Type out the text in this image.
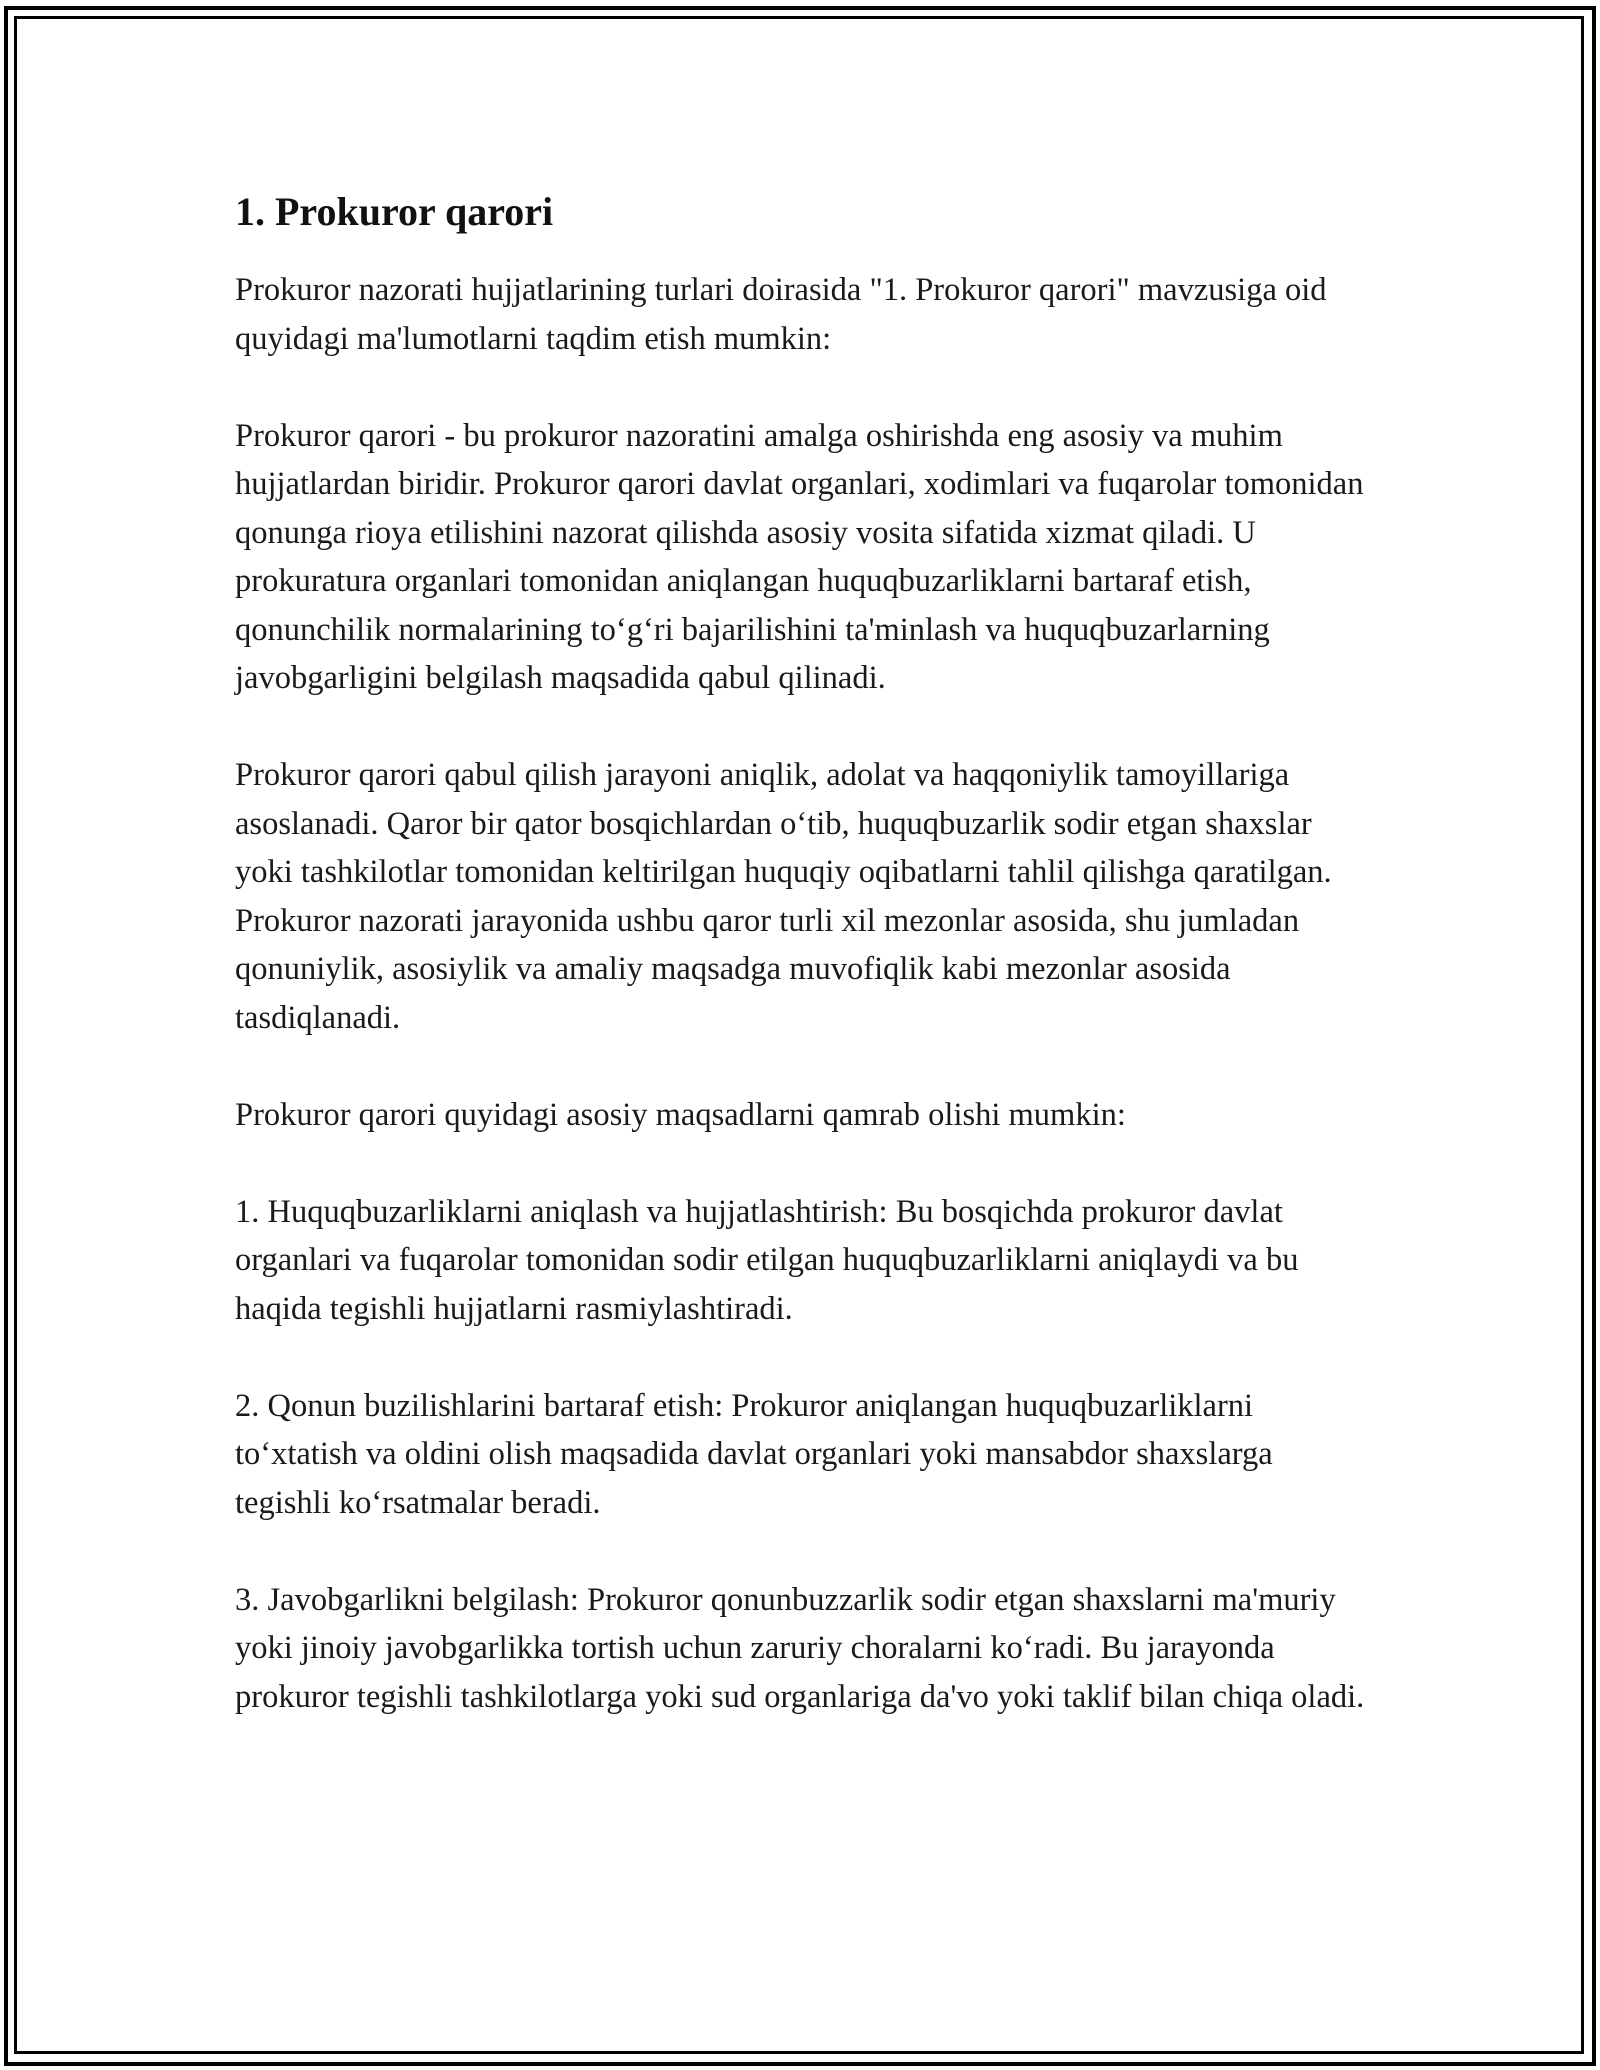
1. Prokuror qarori

Prokuror nazorati hujjatlarining turlari doirasida "1. Prokuror qarori" mavzusiga oid quyidagi ma'lumotlarni taqdim etish mumkin:

Prokuror qarori - bu prokuror nazoratini amalga oshirishda eng asosiy va muhim hujjatlardan biridir. Prokuror qarori davlat organlari, xodimlari va fuqarolar tomonidan qonunga rioya etilishini nazorat qilishda asosiy vosita sifatida xizmat qiladi. U prokuratura organlari tomonidan aniqlangan huquqbuzarliklarni bartaraf etish, qonunchilik normalarining to‘g‘ri bajarilishini ta'minlash va huquqbuzarlarning javobgarligini belgilash maqsadida qabul qilinadi.

Prokuror qarori qabul qilish jarayoni aniqlik, adolat va haqqoniylik tamoyillariga asoslanadi. Qaror bir qator bosqichlardan o‘tib, huquqbuzarlik sodir etgan shaxslar yoki tashkilotlar tomonidan keltirilgan huquqiy oqibatlarni tahlil qilishga qaratilgan. Prokuror nazorati jarayonida ushbu qaror turli xil mezonlar asosida, shu jumladan qonuniylik, asosiylik va amaliy maqsadga muvofiqlik kabi mezonlar asosida tasdiqlanadi.

Prokuror qarori quyidagi asosiy maqsadlarni qamrab olishi mumkin:

1. Huquqbuzarliklarni aniqlash va hujjatlashtirish: Bu bosqichda prokuror davlat organlari va fuqarolar tomonidan sodir etilgan huquqbuzarliklarni aniqlaydi va bu haqida tegishli hujjatlarni rasmiylashtiradi.

2. Qonun buzilishlarini bartaraf etish: Prokuror aniqlangan huquqbuzarliklarni to‘xtatish va oldini olish maqsadida davlat organlari yoki mansabdor shaxslarga tegishli ko‘rsatmalar beradi.

3. Javobgarlikni belgilash: Prokuror qonunbuzzarlik sodir etgan shaxslarni ma'muriy yoki jinoiy javobgarlikka tortish uchun zaruriy choralarni ko‘radi. Bu jarayonda prokuror tegishli tashkilotlarga yoki sud organlariga da'vo yoki taklif bilan chiqa oladi.
